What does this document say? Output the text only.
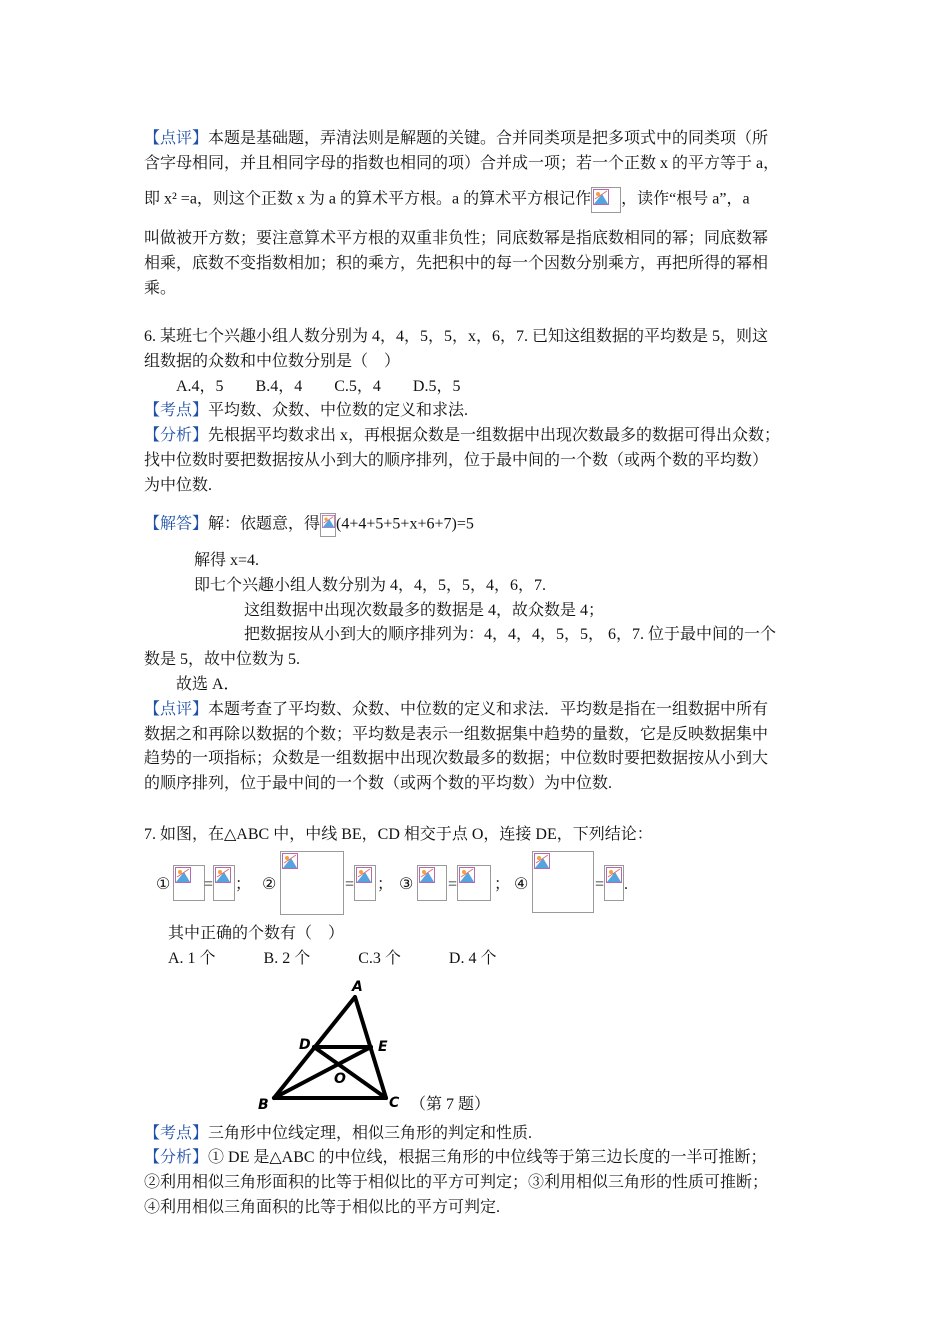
【点评】本题是基础题，弄清法则是解题的关键。合并同类项是把多项式中的同类项（所
含字母相同，并且相同字母的指数也相同的项）合并成一项；若一个正数 x 的平方等于 a，
即 x² =a，则这个正数 x 为 a 的算术平方根。a 的算术平方根记作 ，读作“根号 a”，a
叫做被开方数；要注意算术平方根的双重非负性；同底数幂是指底数相同的幂；同底数幂
相乘，底数不变指数相加；积的乘方，先把积中的每一个因数分别乘方，再把所得的幂相
乘。
6. 某班七个兴趣小组人数分别为 4，4，5，5，x，6，7. 已知这组数据的平均数是 5，则这
组数据的众数和中位数分别是（　）
A.4，5　　B.4，4　　C.5，4　　D.5，5
【考点】平均数、众数、中位数的定义和求法.
【分析】先根据平均数求出 x，再根据众数是一组数据中出现次数最多的数据可得出众数；
找中位数时要把数据按从小到大的顺序排列，位于最中间的一个数（或两个数的平均数）
为中位数.
【解答】解：依题意，得 (4+4+5+5+x+6+7)=5
解得 x=4.
即七个兴趣小组人数分别为 4，4，5，5，4，6，7.
这组数据中出现次数最多的数据是 4，故众数是 4；
把数据按从小到大的顺序排列为：4，4，4，5，5， 6，7. 位于最中间的一个
数是 5，故中位数为 5.
故选 A．
【点评】本题考查了平均数、众数、中位数的定义和求法．平均数是指在一组数据中所有
数据之和再除以数据的个数；平均数是表示一组数据集中趋势的量数，它是反映数据集中
趋势的一项指标；众数是一组数据中出现次数最多的数据；中位数时要把数据按从小到大
的顺序排列，位于最中间的一个数（或两个数的平均数）为中位数.
7. 如图，在△ABC 中，中线 BE，CD 相交于点 O，连接 DE，下列结论：
① = ； ②	= ； ③ = ； ④	= .
其中正确的个数有（　）
A. 1 个　　　B. 2 个　　　C.3 个　　　D. 4 个
A
B	C
D	E
O
（第 7 题）
【考点】三角形中位线定理，相似三角形的判定和性质.
【分析】① DE 是△ABC 的中位线，根据三角形的中位线等于第三边长度的一半可推断；
②利用相似三角形面积的比等于相似比的平方可判定；③利用相似三角形的性质可推断；
④利用相似三角面积的比等于相似比的平方可判定.
